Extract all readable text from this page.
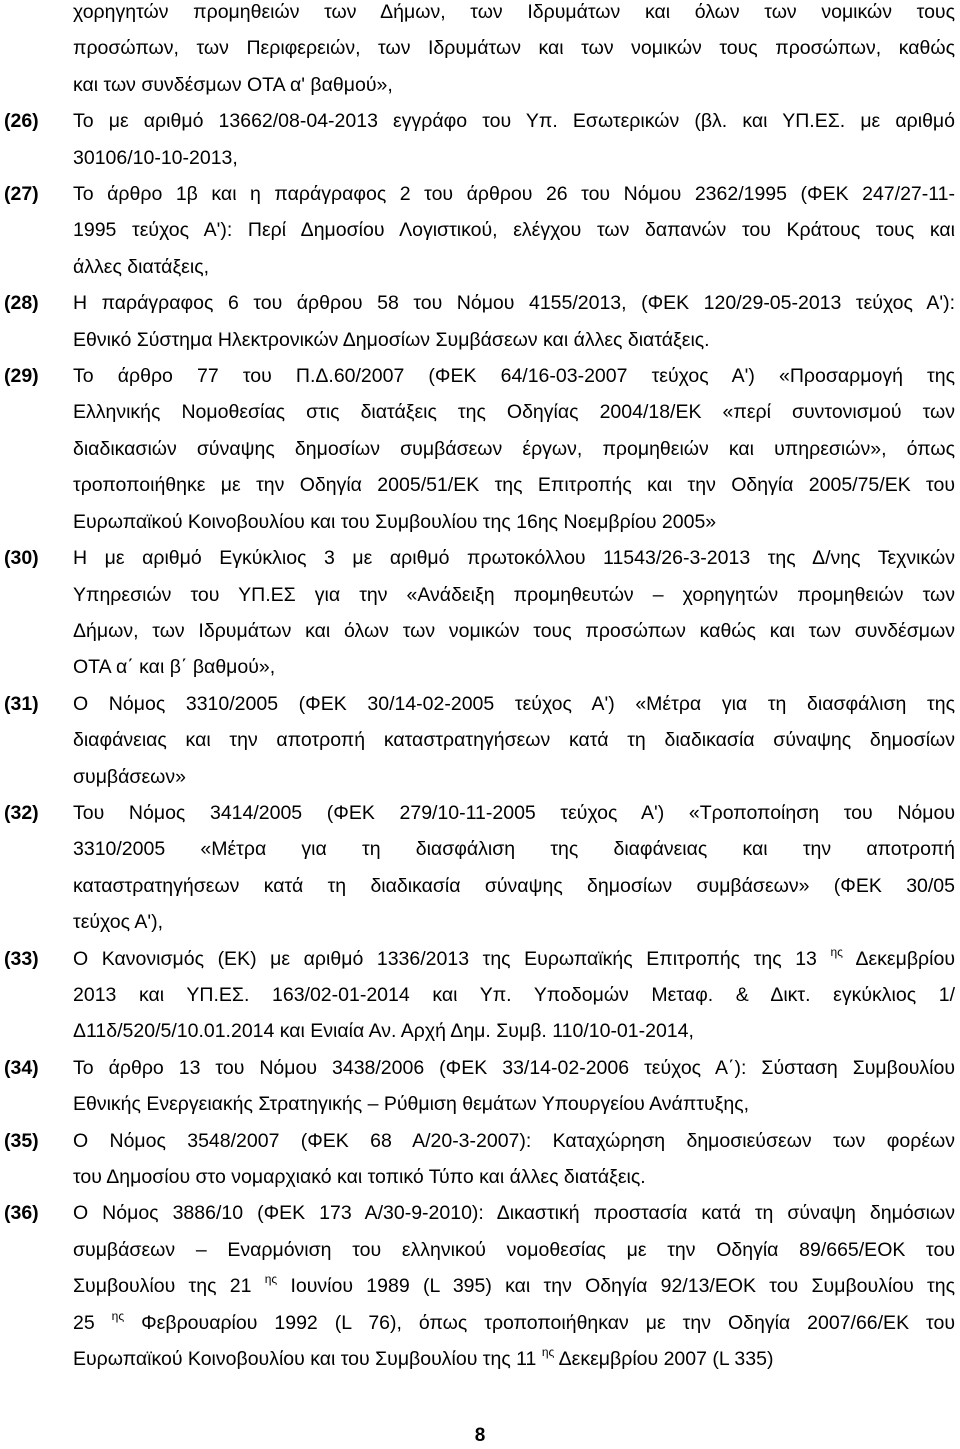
χορηγητών προμηθειών των Δήμων, των Ιδρυμάτων και όλων των νομικών τους
προσώπων, των Περιφερειών, των Ιδρυμάτων και των νομικών τους προσώπων, καθώς
και των συνδέσμων ΟΤΑ α' βαθμού»,
(26)	Το με αριθμό 13662/08-04-2013 εγγράφο του Υπ. Εσωτερικών (βλ. και ΥΠ.ΕΣ. με αριθμό
30106/10-10-2013,
(27)	Το άρθρο 1β και η παράγραφος 2 του άρθρου 26 του Νόμου 2362/1995 (ΦΕΚ 247/27-11-
1995 τεύχος Α'): Περί Δημοσίου Λογιστικού, ελέγχου των δαπανών του Κράτους τους και
άλλες διατάξεις,
(28)	Η παράγραφος 6 του άρθρου 58 του Νόμου 4155/2013, (ΦΕΚ 120/29-05-2013 τεύχος Α'):
Εθνικό Σύστημα Ηλεκτρονικών Δημοσίων Συμβάσεων και άλλες διατάξεις.
(29)	Το άρθρο 77 του Π.Δ.60/2007 (ΦΕΚ 64/16-03-2007 τεύχος Α') «Προσαρμογή της
Ελληνικής Νομοθεσίας στις διατάξεις της Οδηγίας 2004/18/ΕΚ «περί συντονισμού των
διαδικασιών σύναψης δημοσίων συμβάσεων έργων, προμηθειών και υπηρεσιών», όπως
τροποποιήθηκε με την Οδηγία 2005/51/ΕΚ της Επιτροπής και την Οδηγία 2005/75/ΕΚ του
Ευρωπαϊκού Κοινοβουλίου και του Συμβουλίου της 16ης Νοεμβρίου 2005»
(30)	Η με αριθμό Εγκύκλιος 3 με αριθμό πρωτοκόλλου 11543/26-3-2013 της Δ/νης Τεχνικών
Υπηρεσιών του ΥΠ.ΕΣ για την «Ανάδειξη προμηθευτών – χορηγητών προμηθειών των
Δήμων, των Ιδρυμάτων και όλων των νομικών τους προσώπων καθώς και των συνδέσμων
ΟΤΑ α΄ και β΄ βαθμού»,
(31)	Ο Νόμος 3310/2005 (ΦΕΚ 30/14-02-2005 τεύχος Α') «Μέτρα για τη διασφάλιση της
διαφάνειας και την αποτροπή καταστρατηγήσεων κατά τη διαδικασία σύναψης δημοσίων
συμβάσεων»
(32)	Του Νόμος 3414/2005 (ΦΕΚ 279/10-11-2005 τεύχος Α') «Τροποποίηση του Νόμου
3310/2005 «Μέτρα για τη διασφάλιση της διαφάνειας και την αποτροπή
καταστρατηγήσεων κατά τη διαδικασία σύναψης δημοσίων συμβάσεων» (ΦΕΚ 30/05
τεύχος Α'),
(33)	Ο Κανονισμός (ΕΚ) με αριθμό 1336/2013 της Ευρωπαϊκής Επιτροπής της 13 $^{\eta\varsigma}$ Δεκεμβρίου
2013 και ΥΠ.ΕΣ. 163/02-01-2014 και Υπ. Υποδομών Μεταφ. & Δικτ. εγκύκλιος 1/
Δ11δ/520/5/10.01.2014 και Ενιαία Αν. Αρχή Δημ. Συμβ. 110/10-01-2014,
(34)	Το άρθρο 13 του Νόμου 3438/2006 (ΦΕΚ 33/14-02-2006 τεύχος Α΄): Σύσταση Συμβουλίου
Εθνικής Ενεργειακής Στρατηγικής – Ρύθμιση θεμάτων Υπουργείου Ανάπτυξης,
(35)	Ο Νόμος 3548/2007 (ΦΕΚ 68 Α/20-3-2007): Καταχώρηση δημοσιεύσεων των φορέων
του Δημοσίου στο νομαρχιακό και τοπικό Τύπο και άλλες διατάξεις.
(36)	Ο Νόμος 3886/10 (ΦΕΚ 173 Α/30-9-2010): Δικαστική προστασία κατά τη σύναψη δημόσιων
συμβάσεων – Εναρμόνιση του ελληνικού νομοθεσίας με την Οδηγία 89/665/ΕΟΚ του
Συμβουλίου της 21 $^{\eta\varsigma}$ Ιουνίου 1989 (L 395) και την Οδηγία 92/13/ΕΟΚ του Συμβουλίου της
25 $^{\eta\varsigma}$ Φεβρουαρίου 1992 (L 76), όπως τροποποιήθηκαν με την Οδηγία 2007/66/ΕΚ του
Ευρωπαϊκού Κοινοβουλίου και του Συμβουλίου της 11 $^{\eta\varsigma}$ Δεκεμβρίου 2007 (L 335)
8
